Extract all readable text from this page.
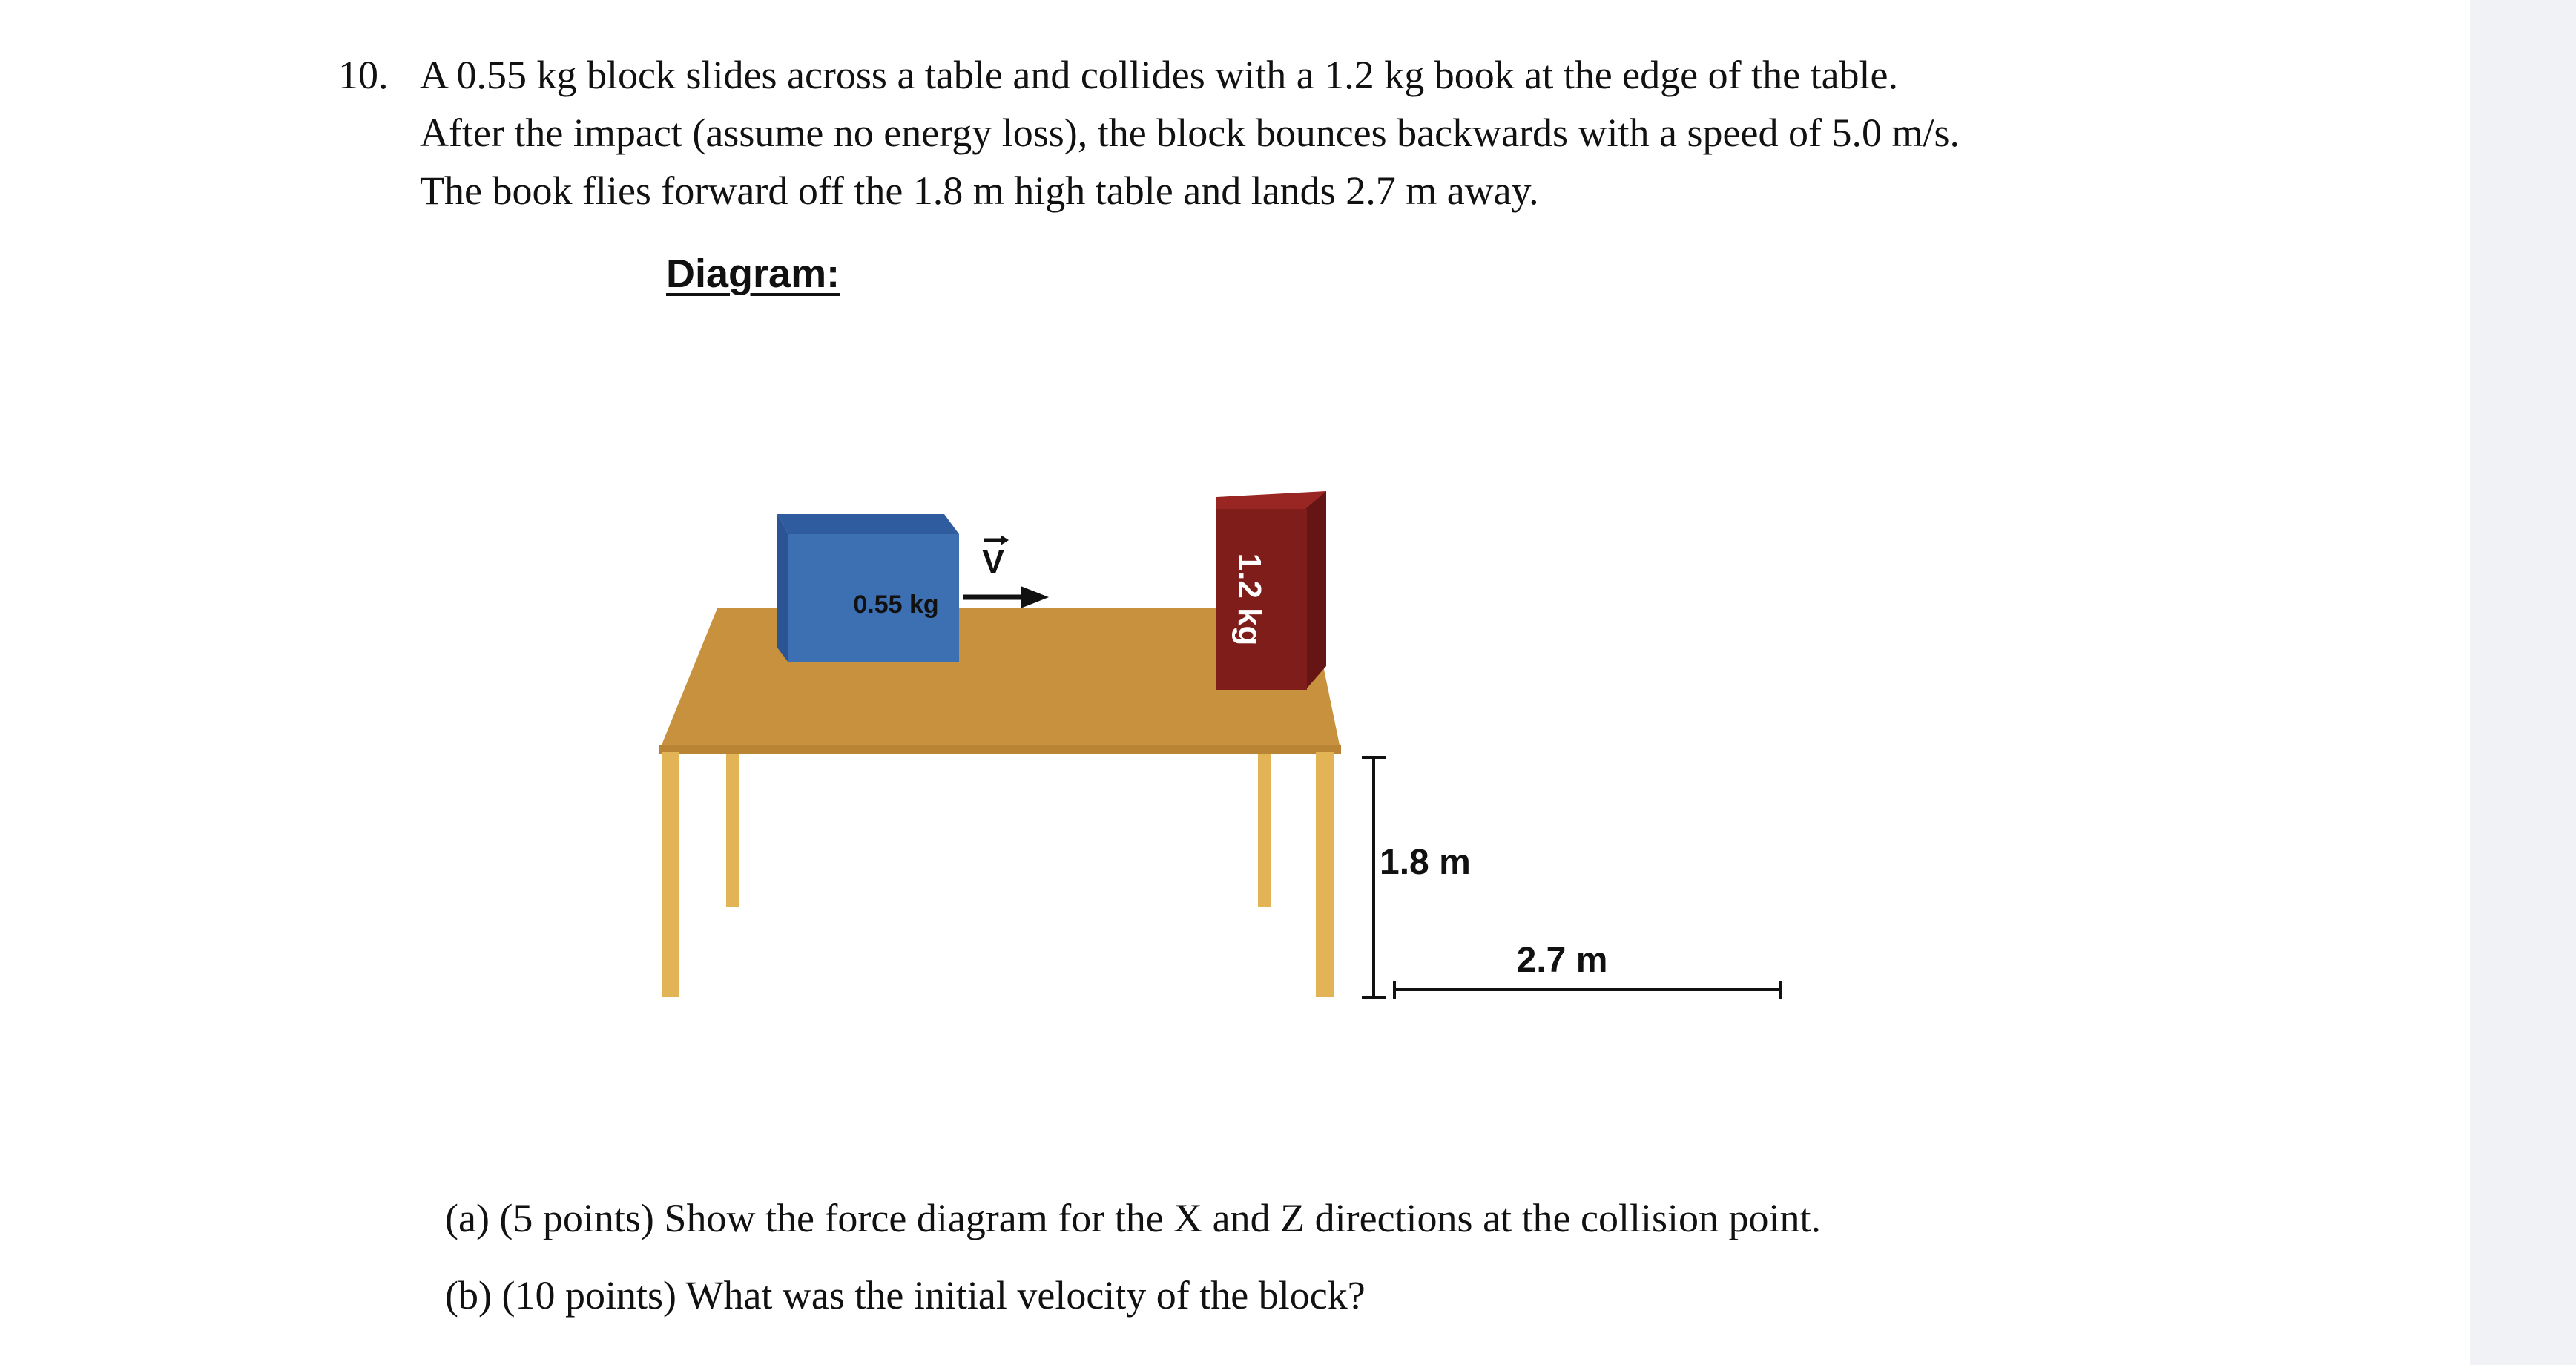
10. A 0.55 kg block slides across a table and collides with a 1.2 kg book at the edge of the table.
After the impact (assume no energy loss), the block bounces backwards with a speed of 5.0 m/s.
The book flies forward off the 1.8 m high table and lands 2.7 m away.
Diagram:
0.55 kg
V	1.2 kg
1.8 m
2.7 m
(a) (5 points) Show the force diagram for the X and Z directions at the collision point.
(b) (10 points) What was the initial velocity of the block?
